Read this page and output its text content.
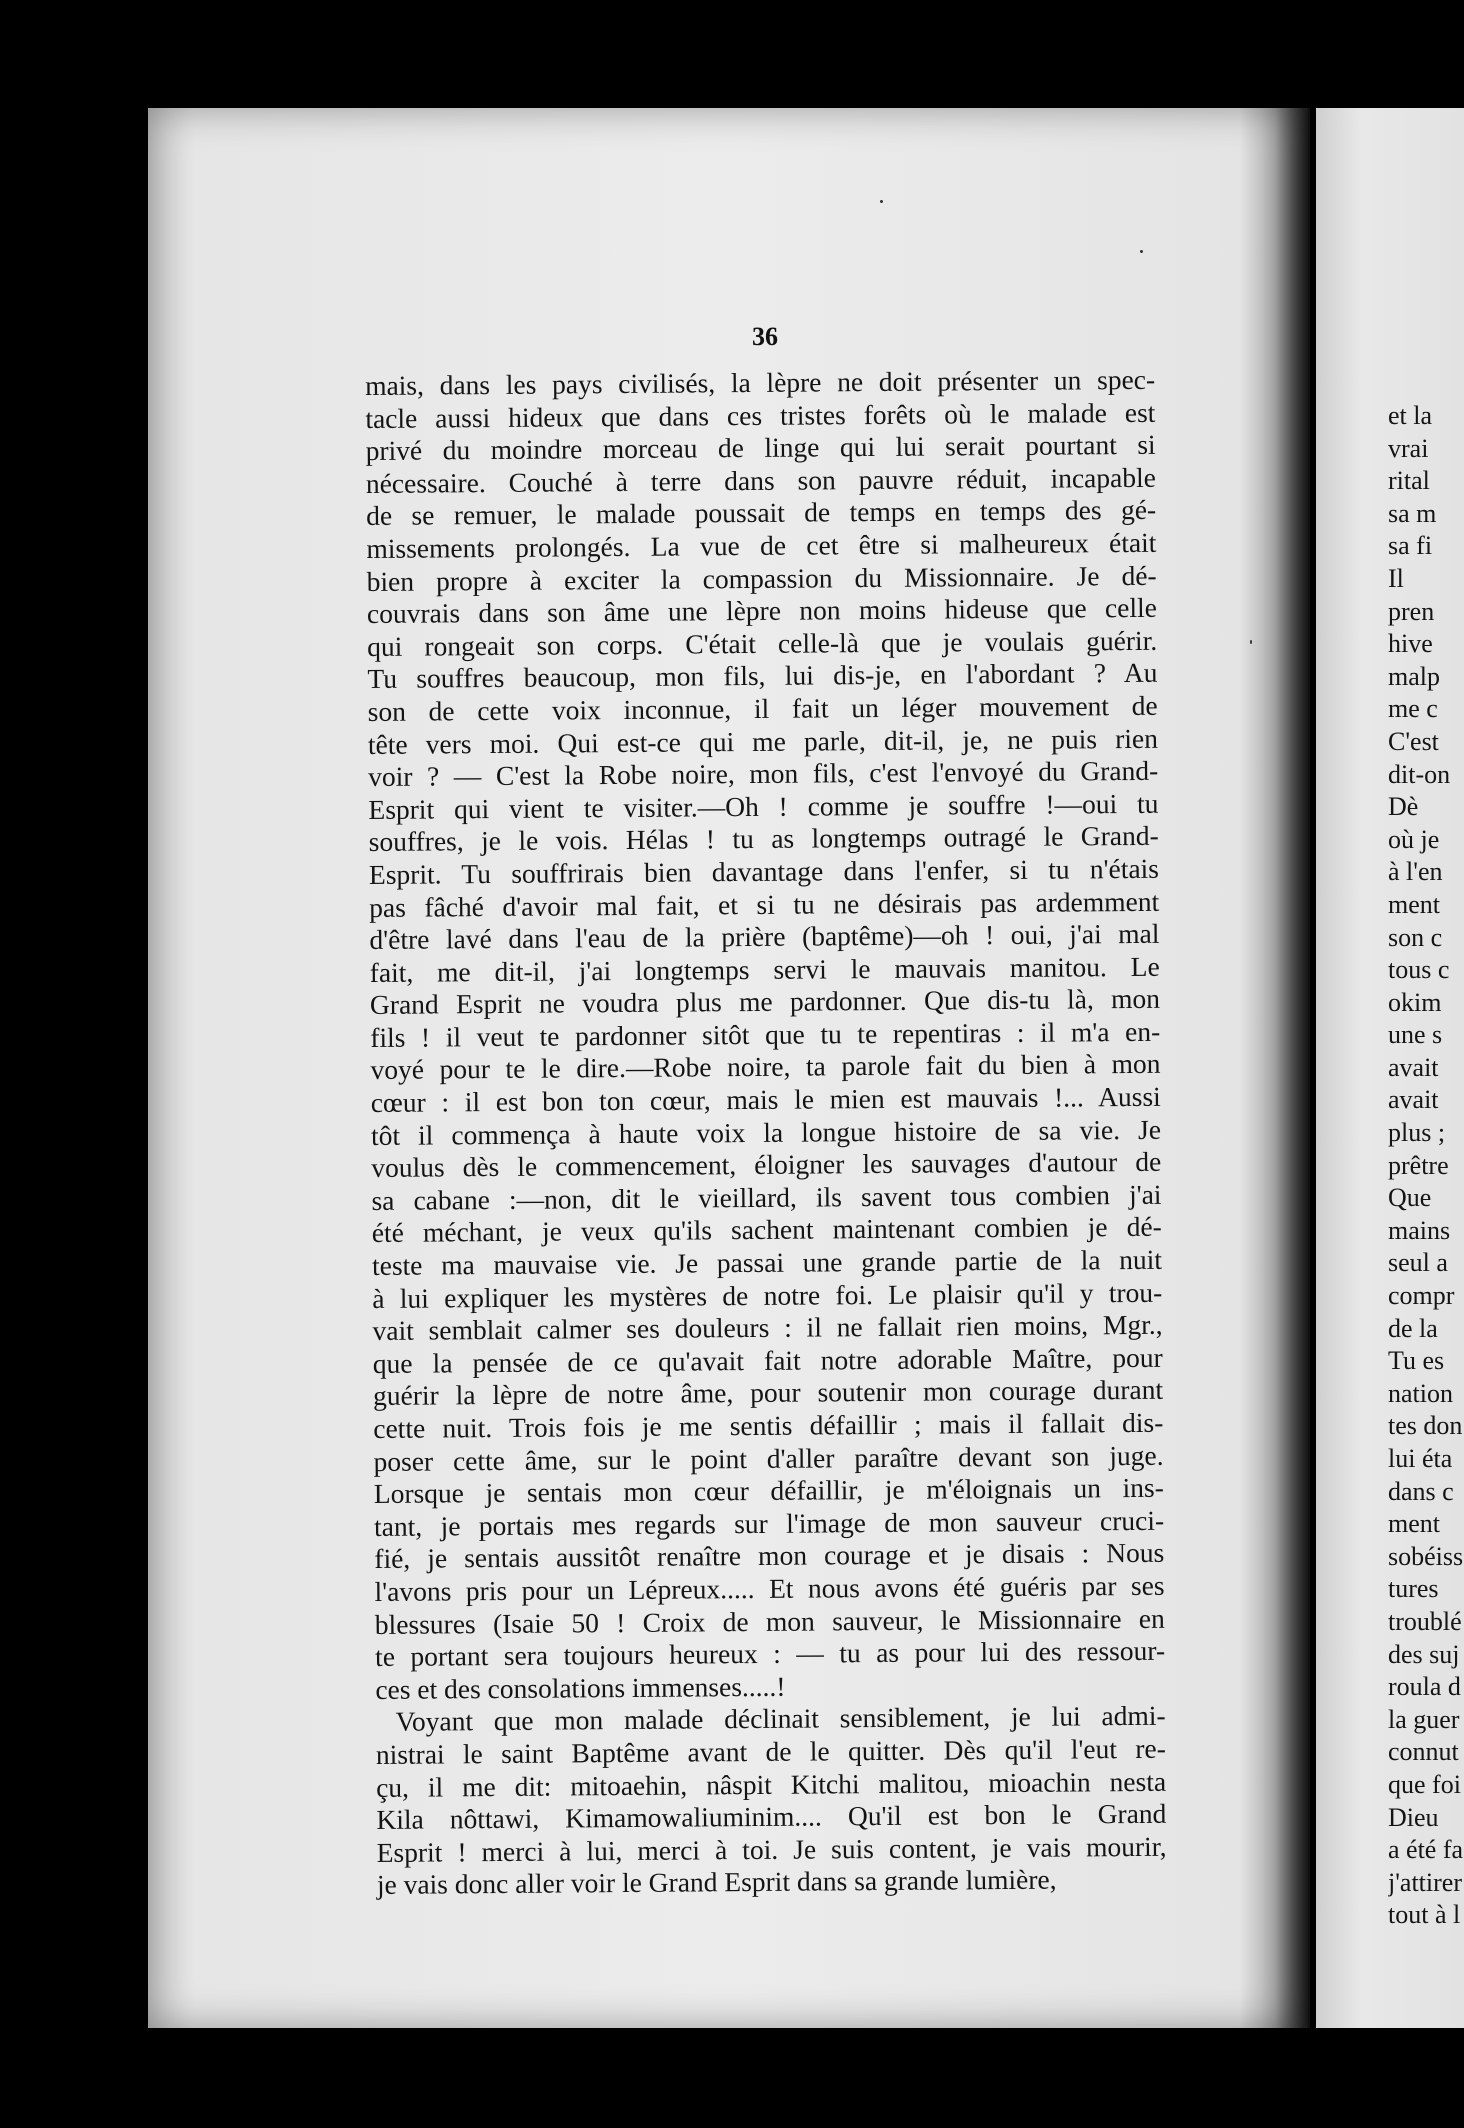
36
mais, dans les pays civilisés, la lèpre ne doit présenter un spec-
tacle aussi hideux que dans ces tristes forêts où le malade est
privé du moindre morceau de linge qui lui serait pourtant si
nécessaire. Couché à terre dans son pauvre réduit, incapable
de se remuer, le malade poussait de temps en temps des gé-
missements prolongés. La vue de cet être si malheureux était
bien propre à exciter la compassion du Missionnaire. Je dé-
couvrais dans son âme une lèpre non moins hideuse que celle
qui rongeait son corps. C'était celle-là que je voulais guérir.
Tu souffres beaucoup, mon fils, lui dis-je, en l'abordant ? Au
son de cette voix inconnue, il fait un léger mouvement de
tête vers moi. Qui est-ce qui me parle, dit-il, je, ne puis rien
voir ? — C'est la Robe noire, mon fils, c'est l'envoyé du Grand-
Esprit qui vient te visiter.—Oh ! comme je souffre !—oui tu
souffres, je le vois. Hélas ! tu as longtemps outragé le Grand-
Esprit. Tu souffrirais bien davantage dans l'enfer, si tu n'étais
pas fâché d'avoir mal fait, et si tu ne désirais pas ardemment
d'être lavé dans l'eau de la prière (baptême)—oh ! oui, j'ai mal
fait, me dit-il, j'ai longtemps servi le mauvais manitou. Le
Grand Esprit ne voudra plus me pardonner. Que dis-tu là, mon
fils ! il veut te pardonner sitôt que tu te repentiras : il m'a en-
voyé pour te le dire.—Robe noire, ta parole fait du bien à mon
cœur : il est bon ton cœur, mais le mien est mauvais !... Aussi
tôt il commença à haute voix la longue histoire de sa vie. Je
voulus dès le commencement, éloigner les sauvages d'autour de
sa cabane :—non, dit le vieillard, ils savent tous combien j'ai
été méchant, je veux qu'ils sachent maintenant combien je dé-
teste ma mauvaise vie. Je passai une grande partie de la nuit
à lui expliquer les mystères de notre foi. Le plaisir qu'il y trou-
vait semblait calmer ses douleurs : il ne fallait rien moins, Mgr.,
que la pensée de ce qu'avait fait notre adorable Maître, pour
guérir la lèpre de notre âme, pour soutenir mon courage durant
cette nuit. Trois fois je me sentis défaillir ; mais il fallait dis-
poser cette âme, sur le point d'aller paraître devant son juge.
Lorsque je sentais mon cœur défaillir, je m'éloignais un ins-
tant, je portais mes regards sur l'image de mon sauveur cruci-
fié, je sentais aussitôt renaître mon courage et je disais : Nous
l'avons pris pour un Lépreux..... Et nous avons été guéris par ses
blessures (Isaie 50 ! Croix de mon sauveur, le Missionnaire en
te portant sera toujours heureux : — tu as pour lui des ressour-
ces et des consolations immenses.....!
Voyant que mon malade déclinait sensiblement, je lui admi-
nistrai le saint Baptême avant de le quitter. Dès qu'il l'eut re-
çu, il me dit: mitoaehin, nâspit Kitchi malitou, mioachin nesta
Kila nôttawi, Kimamowaliuminim.... Qu'il est bon le Grand
Esprit ! merci à lui, merci à toi. Je suis content, je vais mourir,
je vais donc aller voir le Grand Esprit dans sa grande lumière,
et la
vrai
rital
sa m
sa fi
Il
pren
hive
malp
me c
C'est
dit-on
Dè
où je
à l'en
ment
son c
tous c
okim
une s
avait
avait
plus ;
prêtre
Que
mains
seul a
compr
de la
Tu es
nation
tes don
lui éta
dans c
ment
sobéiss
tures
troublé
des suj
roula d
la guer
connut
que foi
Dieu
a été fa
j'attirer
tout à l
